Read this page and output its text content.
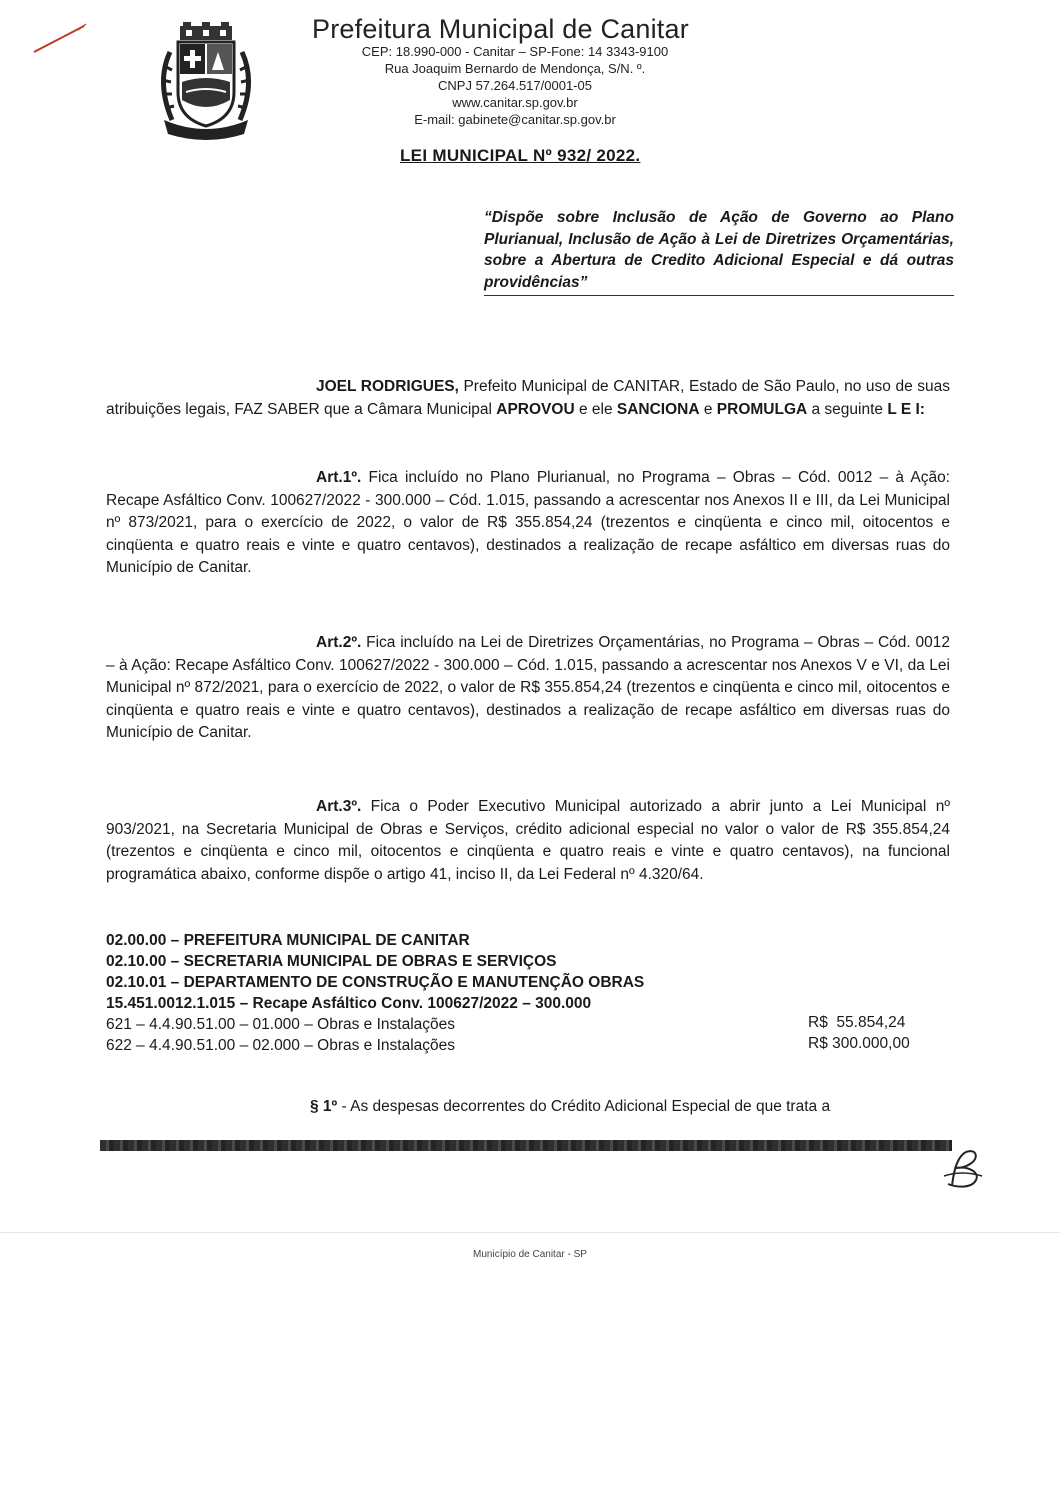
Prefeitura Municipal de Canitar
CEP: 18.990-000 - Canitar – SP-Fone: 14 3343-9100
Rua Joaquim Bernardo de Mendonça, S/N. º.
CNPJ 57.264.517/0001-05
www.canitar.sp.gov.br
E-mail: gabinete@canitar.sp.gov.br
LEI MUNICIPAL Nº 932/ 2022.
“Dispõe sobre Inclusão de Ação de Governo ao Plano Plurianual, Inclusão de Ação à Lei de Diretrizes Orçamentárias, sobre a Abertura de Credito Adicional Especial e dá outras providências”

JOEL RODRIGUES, Prefeito Municipal de CANITAR, Estado de São Paulo, no uso de suas atribuições legais, FAZ SABER que a Câmara Municipal APROVOU e ele SANCIONA e PROMULGA a seguinte L E I:

Art.1º. Fica incluído no Plano Plurianual, no Programa – Obras – Cód. 0012 – à Ação: Recape Asfáltico Conv. 100627/2022 - 300.000 – Cód. 1.015, passando a acrescentar nos Anexos II e III, da Lei Municipal nº 873/2021, para o exercício de 2022, o valor de R$ 355.854,24 (trezentos e cinqüenta e cinco mil, oitocentos e cinqüenta e quatro reais e vinte e quatro centavos), destinados a realização de recape asfáltico em diversas ruas do Município de Canitar.

Art.2º. Fica incluído na Lei de Diretrizes Orçamentárias, no Programa – Obras – Cód. 0012 – à Ação: Recape Asfáltico Conv. 100627/2022 - 300.000 – Cód. 1.015, passando a acrescentar nos Anexos V e VI, da Lei Municipal nº 872/2021, para o exercício de 2022, o valor de R$ 355.854,24 (trezentos e cinqüenta e cinco mil, oitocentos e cinqüenta e quatro reais e vinte e quatro centavos), destinados a realização de recape asfáltico em diversas ruas do Município de Canitar.

Art.3º. Fica o Poder Executivo Municipal autorizado a abrir junto a Lei Municipal nº 903/2021, na Secretaria Municipal de Obras e Serviços, crédito adicional especial no valor o valor de R$ 355.854,24 (trezentos e cinqüenta e cinco mil, oitocentos e cinqüenta e quatro reais e vinte e quatro centavos), na funcional programática abaixo, conforme dispõe o artigo 41, inciso II, da Lei Federal nº 4.320/64.

02.00.00 – PREFEITURA MUNICIPAL DE CANITAR
02.10.00 – SECRETARIA MUNICIPAL DE OBRAS E SERVIÇOS
02.10.01 – DEPARTAMENTO DE CONSTRUÇÃO E MANUTENÇÃO OBRAS
15.451.0012.1.015 – Recape Asfáltico Conv. 100627/2022 – 300.000
621 – 4.4.90.51.00 – 01.000 – Obras e Instalações	R$  55.854,24
622 – 4.4.90.51.00 – 02.000 – Obras e Instalações	R$ 300.000,00
§ 1º - As despesas decorrentes do Crédito Adicional Especial de que trata a
Município de Canitar - SP
